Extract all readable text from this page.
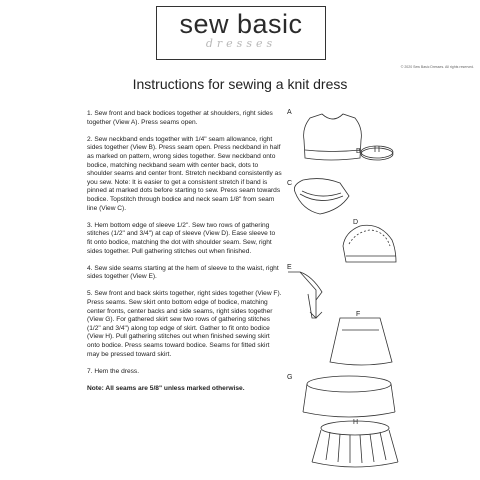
sew basic
dresses
© 2020 Sew Basic Dresses. All rights reserved.
Instructions for sewing a knit dress

1. Sew front and back bodices together at shoulders, right sides together (View A). Press seams open.

2. Sew neckband ends together with 1/4" seam allowance, right sides together (View B). Press seam open. Press neckband in half as marked on pattern, wrong sides together. Sew neckband onto bodice, matching neckband seam with center back, dots to shoulder seams and center front. Stretch neckband consistently as you sew. Note: It is easier to get a consistent stretch if band is pinned at marked dots before starting to sew. Press seam towards bodice. Topstitch through bodice and neck seam 1/8" from seam line (View C).

3. Hem bottom edge of sleeve 1/2". Sew two rows of gathering stitches (1/2" and 3/4") at cap of sleeve (View D). Ease sleeve to fit onto bodice, matching the dot with shoulder seam. Sew, right sides together. Pull gathering stitches out when finished.

4. Sew side seams starting at the hem of sleeve to the waist, right sides together (View E).

5. Sew front and back skirts together, right sides together (View F). Press seams. Sew skirt onto bottom edge of bodice, matching center fronts, center backs and side seams, right sides together (View G). For gathered skirt sew two rows of gathering stitches (1/2" and 3/4") along top edge of skirt. Gather to fit onto bodice (View H). Pull gathering stitches out when finished sewing skirt onto bodice. Press seams toward bodice. Seams for fitted skirt may be pressed toward skirt.

7. Hem the dress.

Note: All seams are 5/8" unless marked otherwise.

A
B
C
D
E
F
G
H
